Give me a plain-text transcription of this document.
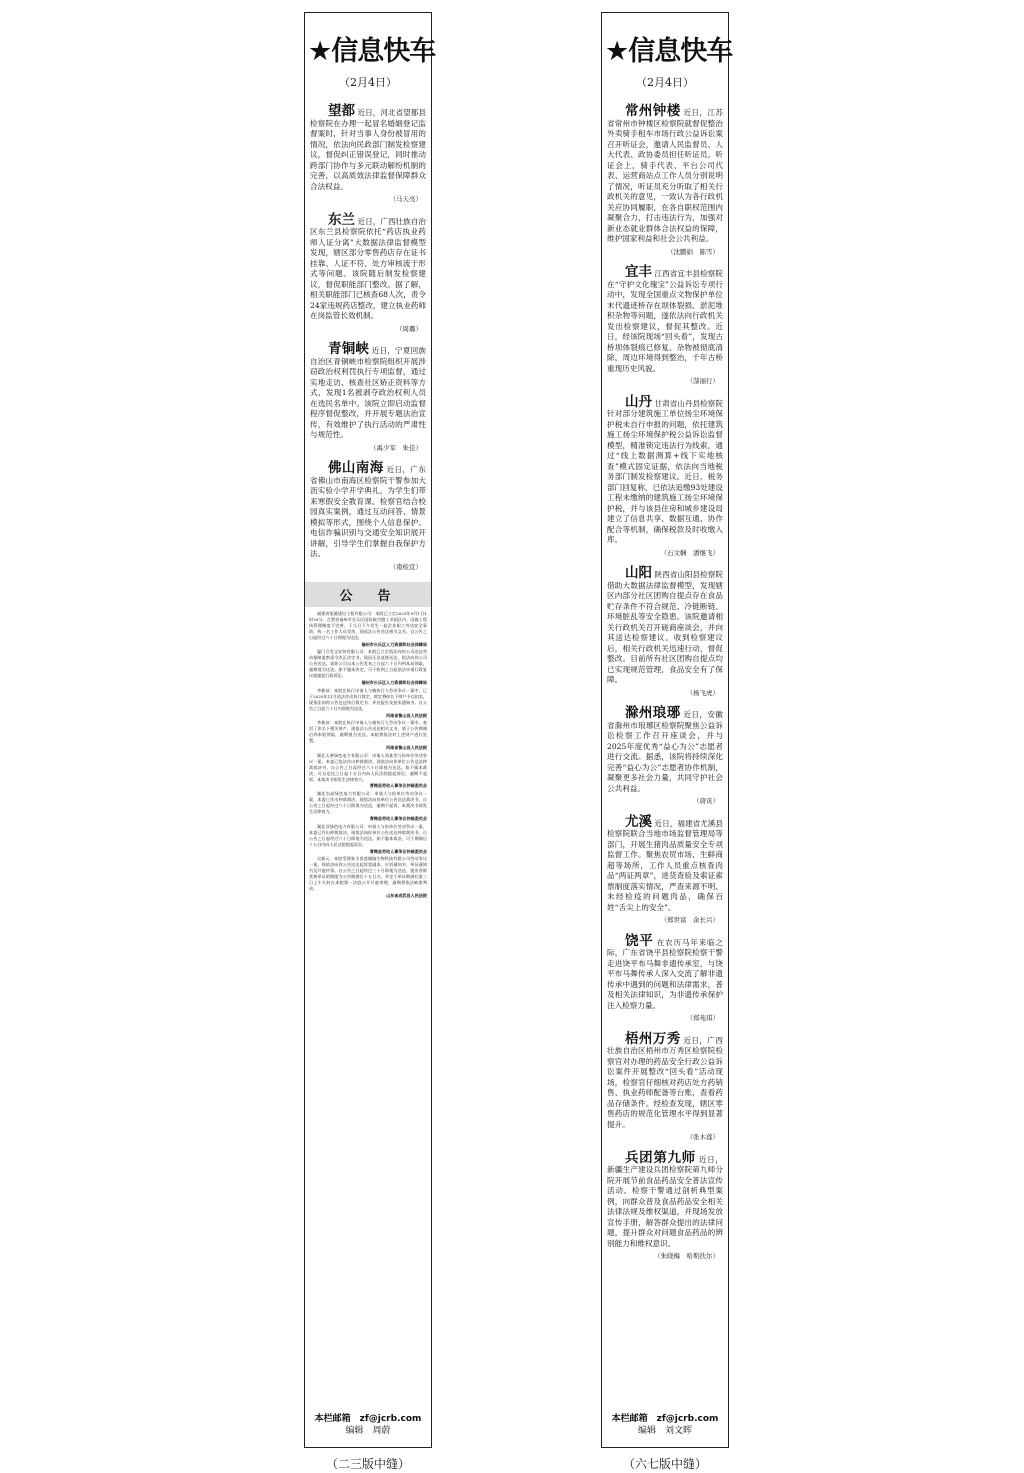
★信息快车
（2月4日）
望都 近日，河北省望都县检察院在办理一起冒名婚姻登记监督案时，针对当事人身份被冒用的情况，依法向民政部门制发检察建议，督促纠正错误登记，同时推动跨部门协作与多元联动解纷机制的完善，以高质效法律监督保障群众合法权益。
（马天亮）
东兰 近日，广西壮族自治区东兰县检察院依托“药店执业药师人证分离”大数据法律监督模型发现，辖区部分零售药店存在证书挂靠、人证不符、处方审核流于形式等问题。该院随后制发检察建议，督促职能部门整改。据了解，相关职能部门已核查68人次，责令24家违规药店整改，建立执业药师在岗监管长效机制。
（周璐）
青铜峡 近日，宁夏回族自治区青铜峡市检察院组织开展涉窃政治权利罚执行专项监督，通过实地走访、核查社区矫正资料等方式，发现1名被剥夺政治权利人员在选民名单中。该院立即启动监督程序督促整改，并开展专题法治宣传，有效维护了执行活动的严肃性与规范性。
（禹少军　朱佳）
佛山南海 近日，广东省佛山市南海区检察院干警参加大沥实验小学开学典礼，为学生们带来寒假安全教育课。检察官结合校园真实案例，通过互动问答、情景模拟等形式，围绕个人信息保护、电信诈骗识别与交通安全知识展开讲解，引导学生们掌握自我保护方法。
（南检宣）
公　告

福建省望溪建设工程有限公司：本院已立定2025年9月1日1时39分，在我省福州市长乐区国际航空港工业园区内。因施工现场管理制度不完善，于当日下午发生一起企业职工劳动安全事故，致一名工作人员受伤，现依法公告送达相关文书。自公告之日起经过六十日即视为送达。

福州市长乐区人力资源和社会保障局

厦门合发宝安装有限公司：本院已立定依法向你公司送达劳动保障监察责令改正决定书，现因无法直接送达，依法向你公司公告送达。请你公司自本公告发布之日起六十日内到本局领取，逾期视为送达。如不服本决定，可于收到之日起依法申请行政复议或提起行政诉讼。

福州市长乐区人力资源和社会保障局

李新冰：本院在执行申请人与被执行人劳动争议一案中，已于2025年11月依法作出执行裁定，裁定将你名下财产予以拍卖，现依法向你公告送达执行裁定书、评估报告及拍卖通知书。自公告之日起六十日内即视为送达。

河南省鲁山县人民法院

李新冰：本院在执行申请人与被执行人劳动争议一案中，查封了你名下相关财产，现依法公告送达相关文书，请于公告期满后到本院领取，逾期视为送达。本院将依法对上述财产进行处置。

河南省鲁山县人民法院

湖北天善绿色电力有限公司：申请人刘某等与你单位劳动争议一案，本委已依法作出仲裁裁决。现依法向你单位公告送达仲裁裁决书，自公告之日起经过六十日即视为送达。如不服本裁决，可自送达之日起十五日内向人民法院提起诉讼，逾期不起诉，本裁决书即发生法律效力。

青梅县劳动人事争议仲裁委员会

湖北东高绿色电力有限公司：申请人与你单位劳动争议一案，本委已作出仲裁裁决，现依法向你单位公告送达裁决书，自公告之日起经过六十日即视为送达，逾期不起诉，本裁决书即发生法律效力。

青梅县劳动人事争议仲裁委员会

湖北洋绿色电力有限公司：申请人与你单位劳动争议一案，本委已作出仲裁裁决，现依法向你单位公告送达仲裁裁决书，自公告之日起经过六十日即视为送达。如不服本裁决，可于期满后十五日内向人民法院提起诉讼。

青梅县劳动人事争议仲裁委员会

吴新元：本院受理张丰诉莲城镇生物科技有限公司劳动争议一案，现依法向你公告送达起诉状副本、应诉通知书、举证通知书及开庭传票。自公告之日起经过三十日即视为送达，提出答辩状和举证的期限为公告期满后十五日内，并定于举证期满后第三日上午九时在本院第一法庭公开开庭审理，逾期将依法缺席判决。

山东省成武县人民法院

本栏邮箱　zf@jcrb.com
编辑　周蔚
（二三版中缝）
★信息快车
（2月4日）
常州钟楼 近日，江苏省常州市钟楼区检察院就督促整治外卖骑手租车市场行政公益诉讼案召开听证会，邀请人民监督员、人大代表、政协委员担任听证员。听证会上，骑手代表、平台公司代表、运营商站点工作人员分别说明了情况，听证员充分听取了相关行政机关的意见，一致认为各行政机关应协同履职，在各自职权范围内凝聚合力，打击违法行为，加强对新业态就业群体合法权益的保障，维护国家利益和社会公共利益。
（沈鹏娟　陈雪）
宜丰 江西省宜丰县检察院在“守护文化瑰宝”公益诉讼专项行动中，发现全国重点文物保护单位末代遗迹桥存在坝体裂损、淤泥堆积杂物等问题，遂依法向行政机关发出检察建议，督促其整改。近日，经该院现场“回头看”，发现古桥坝体裂痕已修复、杂物被彻底清除，周边环境得到整治，千年古桥重现历史风貌。
（郜丽行）
山丹 甘肃省山丹县检察院针对部分建筑施工单位扬尘环境保护税未自行申报的问题，依托建筑施工扬尘环境保护税公益诉讼监督模型，精准锁定违法行为线索，通过“线上数据测算+线下实地核查”模式固定证据，依法向当地税务部门制发检察建议。近日，税务部门回复称，已依法追缴93处建设工程未缴纳的建筑施工扬尘环境保护税，并与该县住房和城乡建设局建立了信息共享、数据互通、协作配合等机制，确保税款及时收缴入库。
（石文娴　潘继飞）
山阳 陕西省山阳县检察院借助大数据法律监督模型，发现辖区内部分社区团购自提点存在食品贮存条件不符合规范、冷链断链、环境脏乱等安全隐患。该院邀请相关行政机关召开磋商座谈会，并向其送达检察建议。收到检察建议后，相关行政机关迅速行动，督促整改。目前所有社区团购自提点均已实现规范管理，食品安全有了保障。
（杨飞虎）
滁州琅琊 近日，安徽省滁州市琅琊区检察院聚焦公益诉讼检察工作召开座谈会，并与2025年度优秀“益心为公”志愿者进行交流。据悉，该院将持续深化完善“益心为公”志愿者协作机制，凝聚更多社会力量，共同守护社会公共利益。
（唐寅）
尤溪 近日，福建省尤溪县检察院联合当地市场监督管理局等部门，开展生猪肉品质量安全专项监督工作。聚焦农贸市场、生鲜商超等场所，工作人员重点核查肉品“两证两章”，进货查验及索证索票制度落实情况，严查来源不明、未经检疫的问题肉品，确保百姓“舌尖上的安全”。
（郑世富　余长兴）
饶平 在农历马年来临之际，广东省饶平县检察院检察干警走进饶平布马舞非遗传承室，与饶平布马舞传承人深入交流了解非遗传承中遇到的问题和法律需求，普及相关法律知识，为非遗传承保护注入检察力量。
（郑苑琪）
梧州万秀 近日，广西壮族自治区梧州市万秀区检察院检察官对办理的药品安全行政公益诉讼案件开展整改“回头看”活动现场，检察官仔细核对药店处方药销售、执业药师配备等台账，查看药品存储条件。经检查发现，辖区零售药店的规范化管理水平得到显著提升。
（张木莲）
兵团第九师 近日，新疆生产建设兵团检察院第九师分院开展节前食品药品安全普法宣传活动。检察干警通过剖析典型案例，向群众普及食品药品安全相关法律法规及维权渠道，并现场发放宣传手册，解答群众提出的法律问题，提升群众对问题食品药品的辨别能力和维权意识。
（朱晓梅　哈斯扶尔）
本栏邮箱　zf@jcrb.com
编辑　刘文晖
（六七版中缝）
